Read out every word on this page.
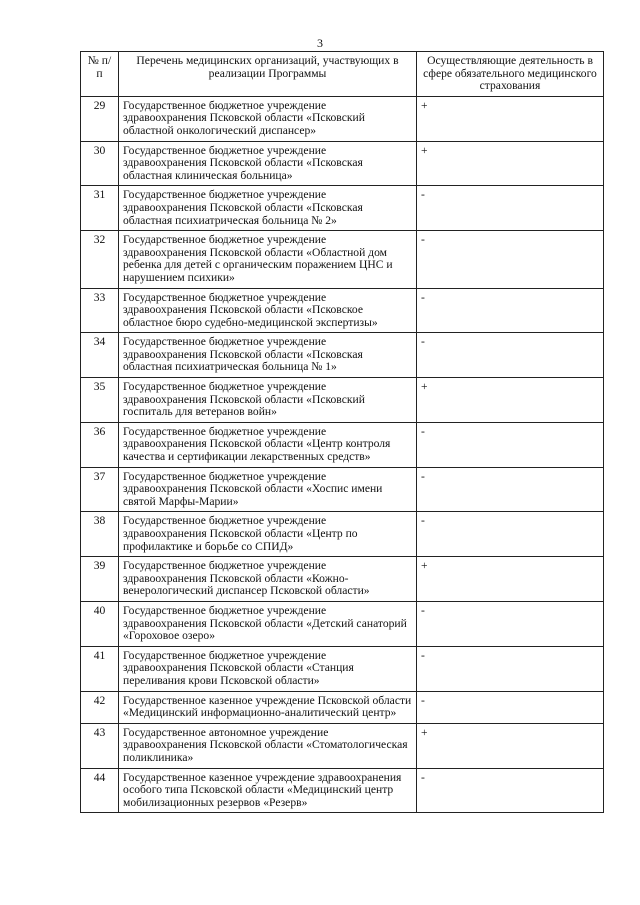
3
№ п/п	Перечень медицинских организаций, участвующих в реализации Программы	Осуществляющие деятельность в сфере обязательного медицинского страхования
29	Государственное бюджетное учреждение здравоохранения Псковской области «Псковский областной онкологический диспансер»	+
30	Государственное бюджетное учреждение здравоохранения Псковской области «Псковская областная клиническая больница»	+
31	Государственное бюджетное учреждение здравоохранения Псковской области «Псковская областная психиатрическая больница № 2»	-
32	Государственное бюджетное учреждение здравоохранения Псковской области «Областной дом ребенка для детей с органическим поражением ЦНС и нарушением психики»	-
33	Государственное бюджетное учреждение здравоохранения Псковской области «Псковское областное бюро судебно-медицинской экспертизы»	-
34	Государственное бюджетное учреждение здравоохранения Псковской области «Псковская областная психиатрическая больница № 1»	-
35	Государственное бюджетное учреждение здравоохранения Псковской области «Псковский госпиталь для ветеранов войн»	+
36	Государственное бюджетное учреждение здравоохранения Псковской области «Центр контроля качества и сертификации лекарственных средств»	-
37	Государственное бюджетное учреждение здравоохранения Псковской области «Хоспис имени святой Марфы-Марии»	-
38	Государственное бюджетное учреждение здравоохранения Псковской области «Центр по профилактике и борьбе со СПИД»	-
39	Государственное бюджетное учреждение здравоохранения Псковской области «Кожно-венерологический диспансер Псковской области»	+
40	Государственное бюджетное учреждение здравоохранения Псковской области «Детский санаторий «Гороховое озеро»	-
41	Государственное бюджетное учреждение здравоохранения Псковской области «Станция переливания крови Псковской области»	-
42	Государственное казенное учреждение Псковской области «Медицинский информационно-аналитический центр»	-
43	Государственное автономное учреждение здравоохранения Псковской области «Стоматологическая поликлиника»	+
44	Государственное казенное учреждение здравоохранения особого типа Псковской области «Медицинский центр мобилизационных резервов «Резерв»	-
